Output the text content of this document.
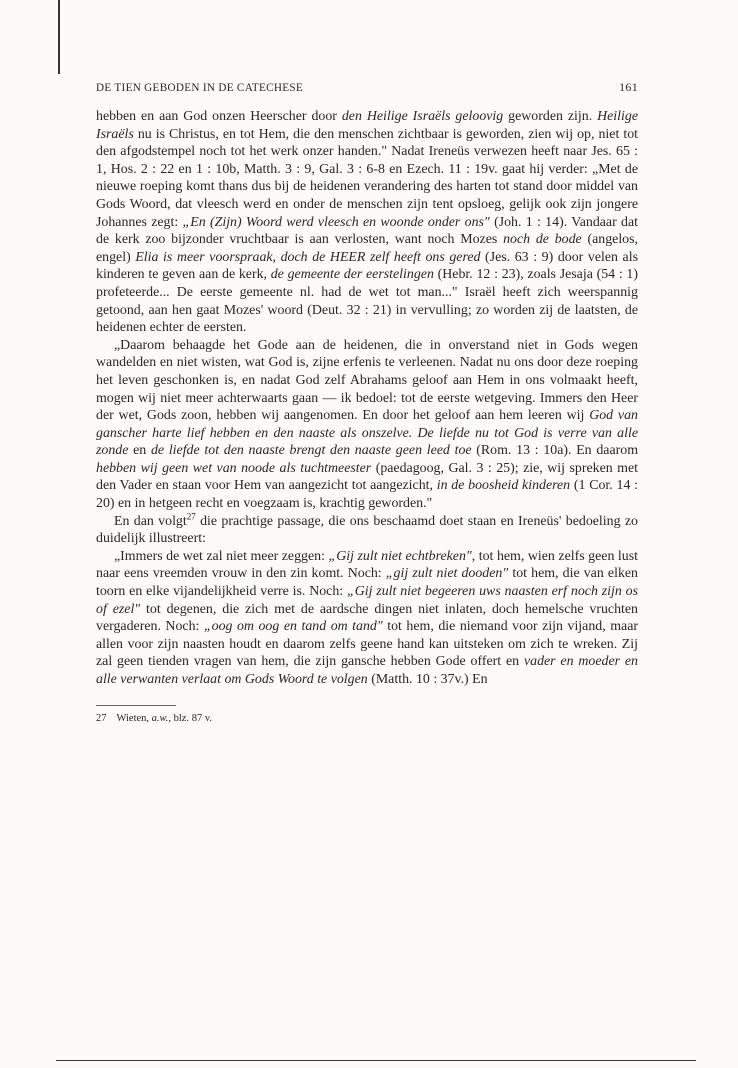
DE TIEN GEBODEN IN DE CATECHESE	161

hebben en aan God onzen Heerscher door den Heilige Israëls geloovig geworden zijn. Heilige Israëls nu is Christus, en tot Hem, die den menschen zichtbaar is geworden, zien wij op, niet tot den afgodstempel noch tot het werk onzer handen." Nadat Ireneüs verwezen heeft naar Jes. 65 : 1, Hos. 2 : 22 en 1 : 10b, Matth. 3 : 9, Gal. 3 : 6-8 en Ezech. 11 : 19v. gaat hij verder: „Met de nieuwe roeping komt thans dus bij de heidenen verandering des harten tot stand door middel van Gods Woord, dat vleesch werd en onder de menschen zijn tent opsloeg, gelijk ook zijn jongere Johannes zegt: „En (Zijn) Woord werd vleesch en woonde onder ons" (Joh. 1 : 14). Vandaar dat de kerk zoo bijzonder vruchtbaar is aan verlosten, want noch Mozes noch de bode (angelos, engel) Elia is meer voorspraak, doch de HEER zelf heeft ons gered (Jes. 63 : 9) door velen als kinderen te geven aan de kerk, de gemeente der eerstelingen (Hebr. 12 : 23), zoals Jesaja (54 : 1) profeteerde... De eerste gemeente nl. had de wet tot man..." Israël heeft zich weerspannig getoond, aan hen gaat Mozes' woord (Deut. 32 : 21) in vervulling; zo worden zij de laatsten, de heidenen echter de eersten.

„Daarom behaagde het Gode aan de heidenen, die in onverstand niet in Gods wegen wandelden en niet wisten, wat God is, zijne erfenis te verleenen. Nadat nu ons door deze roeping het leven geschonken is, en nadat God zelf Abrahams geloof aan Hem in ons volmaakt heeft, mogen wij niet meer achterwaarts gaan — ik bedoel: tot de eerste wetgeving. Immers den Heer der wet, Gods zoon, hebben wij aangenomen. En door het geloof aan hem leeren wij God van ganscher harte lief hebben en den naaste als onszelve. De liefde nu tot God is verre van alle zonde en de liefde tot den naaste brengt den naaste geen leed toe (Rom. 13 : 10a). En daarom hebben wij geen wet van noode als tuchtmeester (paedagoog, Gal. 3 : 25); zie, wij spreken met den Vader en staan voor Hem van aangezicht tot aangezicht, in de boosheid kinderen (1 Cor. 14 : 20) en in hetgeen recht en voegzaam is, krachtig geworden."

En dan volgt$^{27}$ die prachtige passage, die ons beschaamd doet staan en Ireneüs' bedoeling zo duidelijk illustreert:

„Immers de wet zal niet meer zeggen: „Gij zult niet echtbreken", tot hem, wien zelfs geen lust naar eens vreemden vrouw in den zin komt. Noch: „gij zult niet dooden" tot hem, die van elken toorn en elke vijandelijkheid verre is. Noch: „Gij zult niet begeeren uws naasten erf noch zijn os of ezel" tot degenen, die zich met de aardsche dingen niet inlaten, doch hemelsche vruchten vergaderen. Noch: „oog om oog en tand om tand" tot hem, die niemand voor zijn vijand, maar allen voor zijn naasten houdt en daarom zelfs geene hand kan uitsteken om zich te wreken. Zij zal geen tienden vragen van hem, die zijn gansche hebben Gode offert en vader en moeder en alle verwanten verlaat om Gods Woord te volgen (Matth. 10 : 37v.) En

27 Wieten, a.w., blz. 87 v.
